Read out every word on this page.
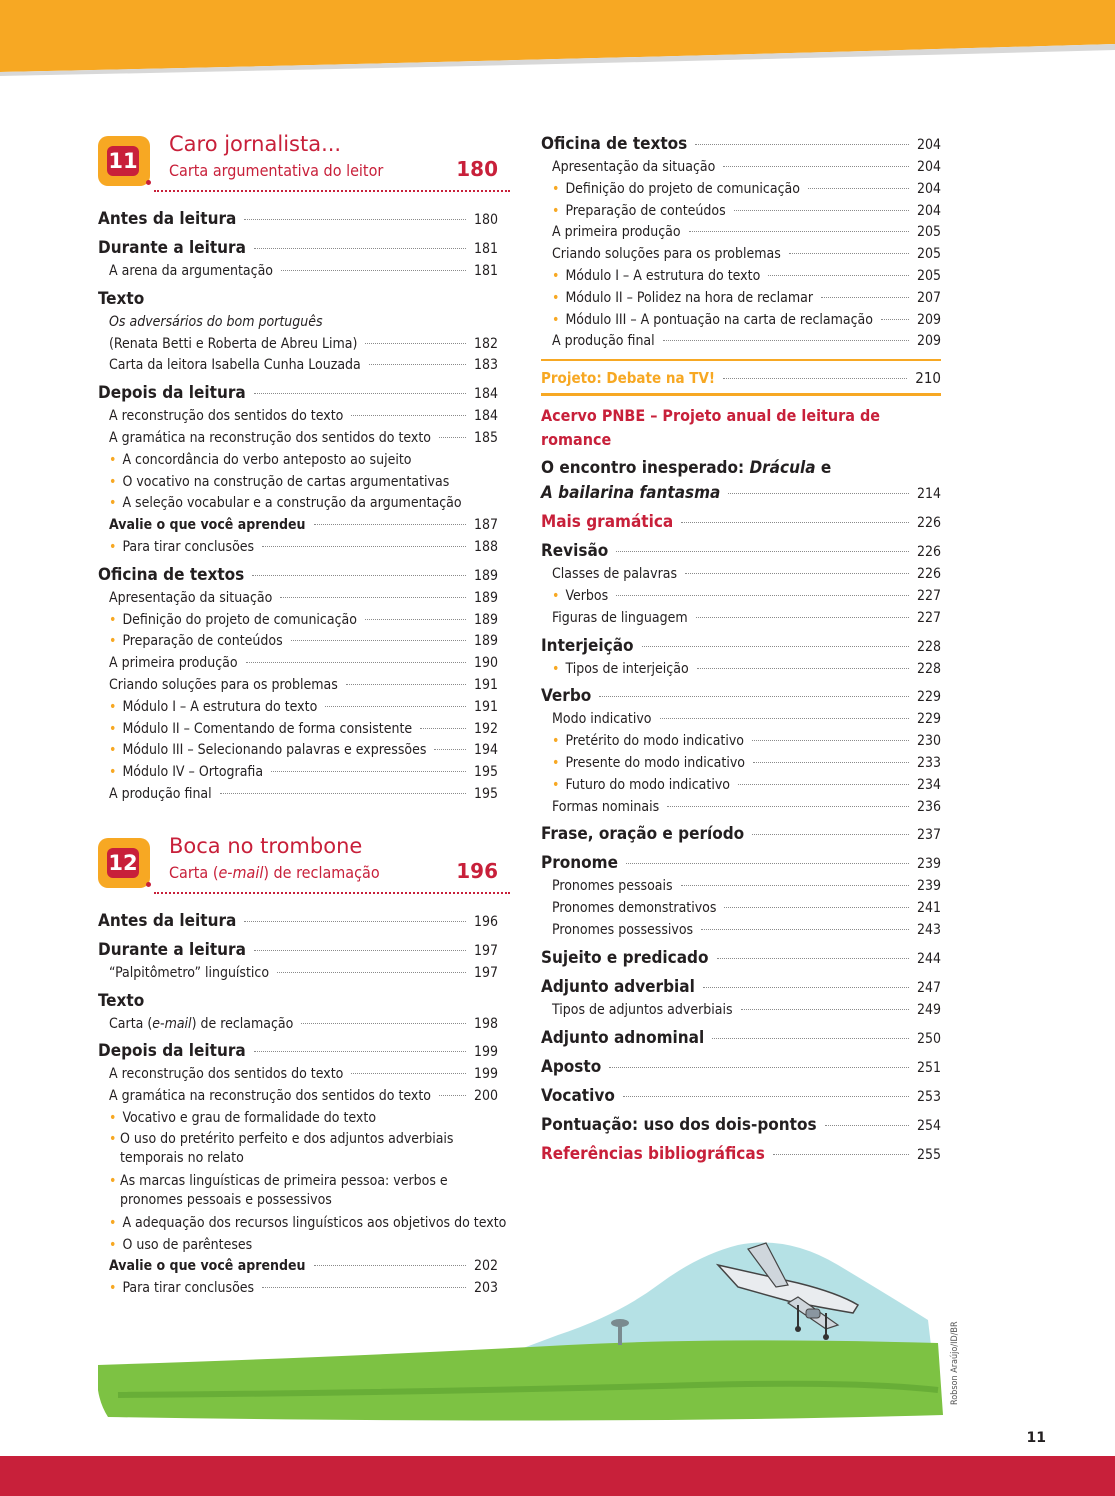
11
Caro jornalista...
Carta argumentativa do leitor	180
Antes da leitura	180
Durante a leitura	181
A arena da argumentação	181
Texto
Os adversários do bom português
(Renata Betti e Roberta de Abreu Lima)	182
Carta da leitora Isabella Cunha Louzada	183
Depois da leitura	184
A reconstrução dos sentidos do texto	184
A gramática na reconstrução dos sentidos do texto	185
• A concordância do verbo anteposto ao sujeito
• O vocativo na construção de cartas argumentativas
• A seleção vocabular e a construção da argumentação
Avalie o que você aprendeu	187
• Para tirar conclusões	188
Oficina de textos	189
Apresentação da situação	189
• Definição do projeto de comunicação	189
• Preparação de conteúdos	189
A primeira produção	190
Criando soluções para os problemas	191
• Módulo I – A estrutura do texto	191
• Módulo II – Comentando de forma consistente	192
• Módulo III – Selecionando palavras e expressões	194
• Módulo IV – Ortografia	195
A produção final	195
12
Boca no trombone
Carta (e-mail) de reclamação	196
Antes da leitura	196
Durante a leitura	197
“Palpitômetro” linguístico	197
Texto
Carta (e-mail) de reclamação	198
Depois da leitura	199
A reconstrução dos sentidos do texto	199
A gramática na reconstrução dos sentidos do texto	200
• Vocativo e grau de formalidade do texto
• O uso do pretérito perfeito e dos adjuntos adverbiais
temporais no relato
• As marcas linguísticas de primeira pessoa: verbos e
pronomes pessoais e possessivos
• A adequação dos recursos linguísticos aos objetivos do texto
• O uso de parênteses
Avalie o que você aprendeu	202
• Para tirar conclusões	203
Oficina de textos	204
Apresentação da situação	204
• Definição do projeto de comunicação	204
• Preparação de conteúdos	204
A primeira produção	205
Criando soluções para os problemas	205
• Módulo I – A estrutura do texto	205
• Módulo II – Polidez na hora de reclamar	207
• Módulo III – A pontuação na carta de reclamação	209
A produção final	209
Projeto: Debate na TV!	210
Acervo PNBE – Projeto anual de leitura de
romance
O encontro inesperado: Drácula e
A bailarina fantasma	214
Mais gramática	226
Revisão	226
Classes de palavras	226
• Verbos	227
Figuras de linguagem	227
Interjeição	228
• Tipos de interjeição	228
Verbo	229
Modo indicativo	229
• Pretérito do modo indicativo	230
• Presente do modo indicativo	233
• Futuro do modo indicativo	234
Formas nominais	236
Frase, oração e período	237
Pronome	239
Pronomes pessoais	239
Pronomes demonstrativos	241
Pronomes possessivos	243
Sujeito e predicado	244
Adjunto adverbial	247
Tipos de adjuntos adverbiais	249
Adjunto adnominal	250
Aposto	251
Vocativo	253
Pontuação: uso dos dois-pontos	254
Referências bibliográficas	255
Robson Araújo/ID/BR
11
